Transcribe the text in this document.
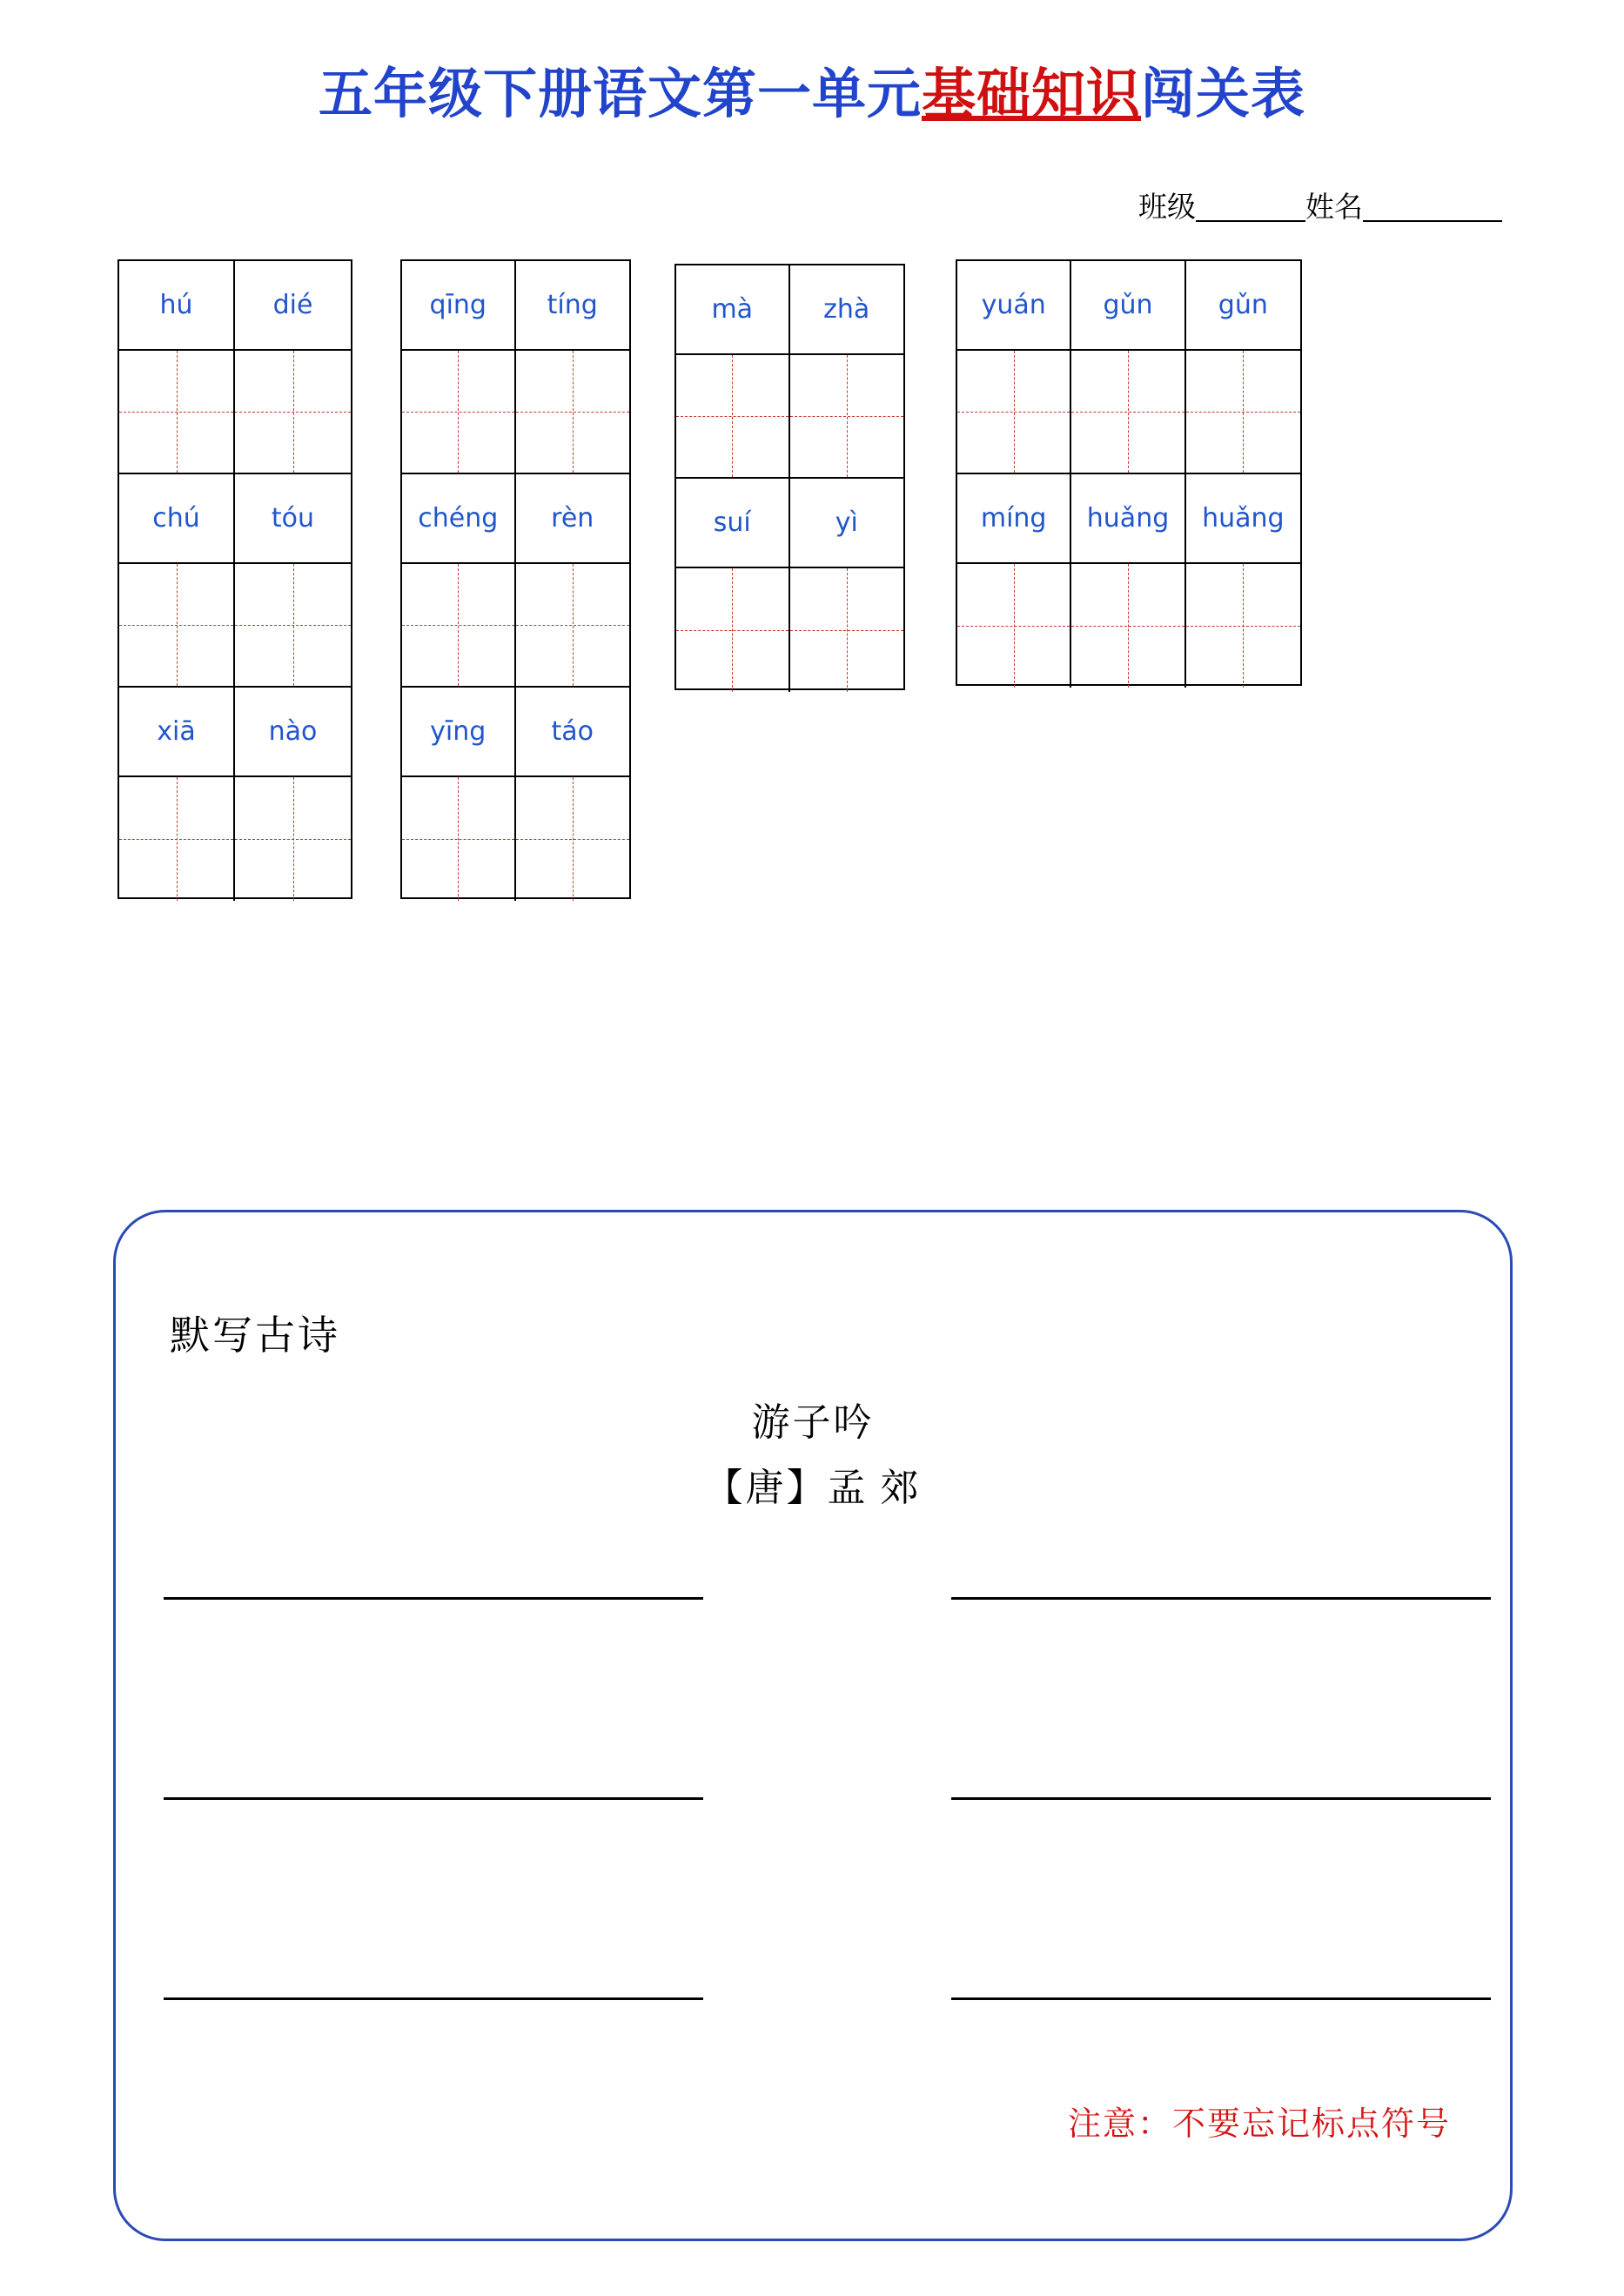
五年级下册语文第一单元基础知识闯关表
班级	姓名
hú	dié
chú	tóu
xiā	nào
qīng	tíng
chéng	rèn
yīng	táo
mà	zhà
suí	yì
yuán	gǔn	gǔn
míng	huǎng	huǎng
默写古诗
游子吟
【唐】孟 郊
注意：不要忘记标点符号
